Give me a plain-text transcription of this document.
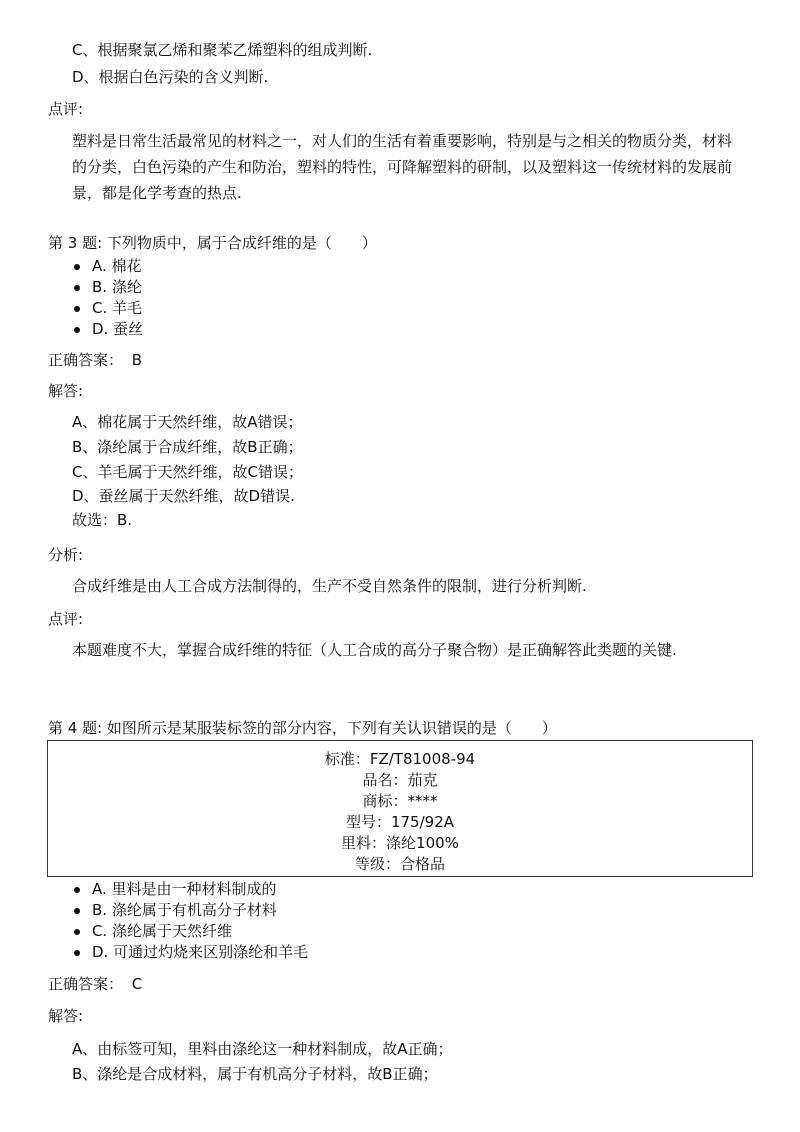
C、根据聚氯乙烯和聚苯乙烯塑料的组成判断.
D、根据白色污染的含义判断.
点评:
塑料是日常生活最常见的材料之一，对人们的生活有着重要影响，特别是与之相关的物质分类，材料的分类，白色污染的产生和防治，塑料的特性，可降解塑料的研制，以及塑料这一传统材料的发展前景，都是化学考查的热点.
第 3 题: 下列物质中，属于合成纤维的是（　　）
A. 棉花
B. 涤纶
C. 羊毛
D. 蚕丝
正确答案： B
解答:
A、棉花属于天然纤维，故A错误；
B、涤纶属于合成纤维，故B正确；
C、羊毛属于天然纤维，故C错误；
D、蚕丝属于天然纤维，故D错误.
故选：B.
分析:
合成纤维是由人工合成方法制得的，生产不受自然条件的限制，进行分析判断.
点评:
本题难度不大，掌握合成纤维的特征（人工合成的高分子聚合物）是正确解答此类题的关键.
第 4 题: 如图所示是某服装标签的部分内容，下列有关认识错误的是（　　）
标准：FZ/T81008-94
品名：茄克
商标：****
型号：175/92A
里料：涤纶100%
等级：合格品
A. 里料是由一种材料制成的
B. 涤纶属于有机高分子材料
C. 涤纶属于天然纤维
D. 可通过灼烧来区别涤纶和羊毛
正确答案： C
解答:
A、由标签可知，里料由涤纶这一种材料制成，故A正确；
B、涤纶是合成材料，属于有机高分子材料，故B正确；
